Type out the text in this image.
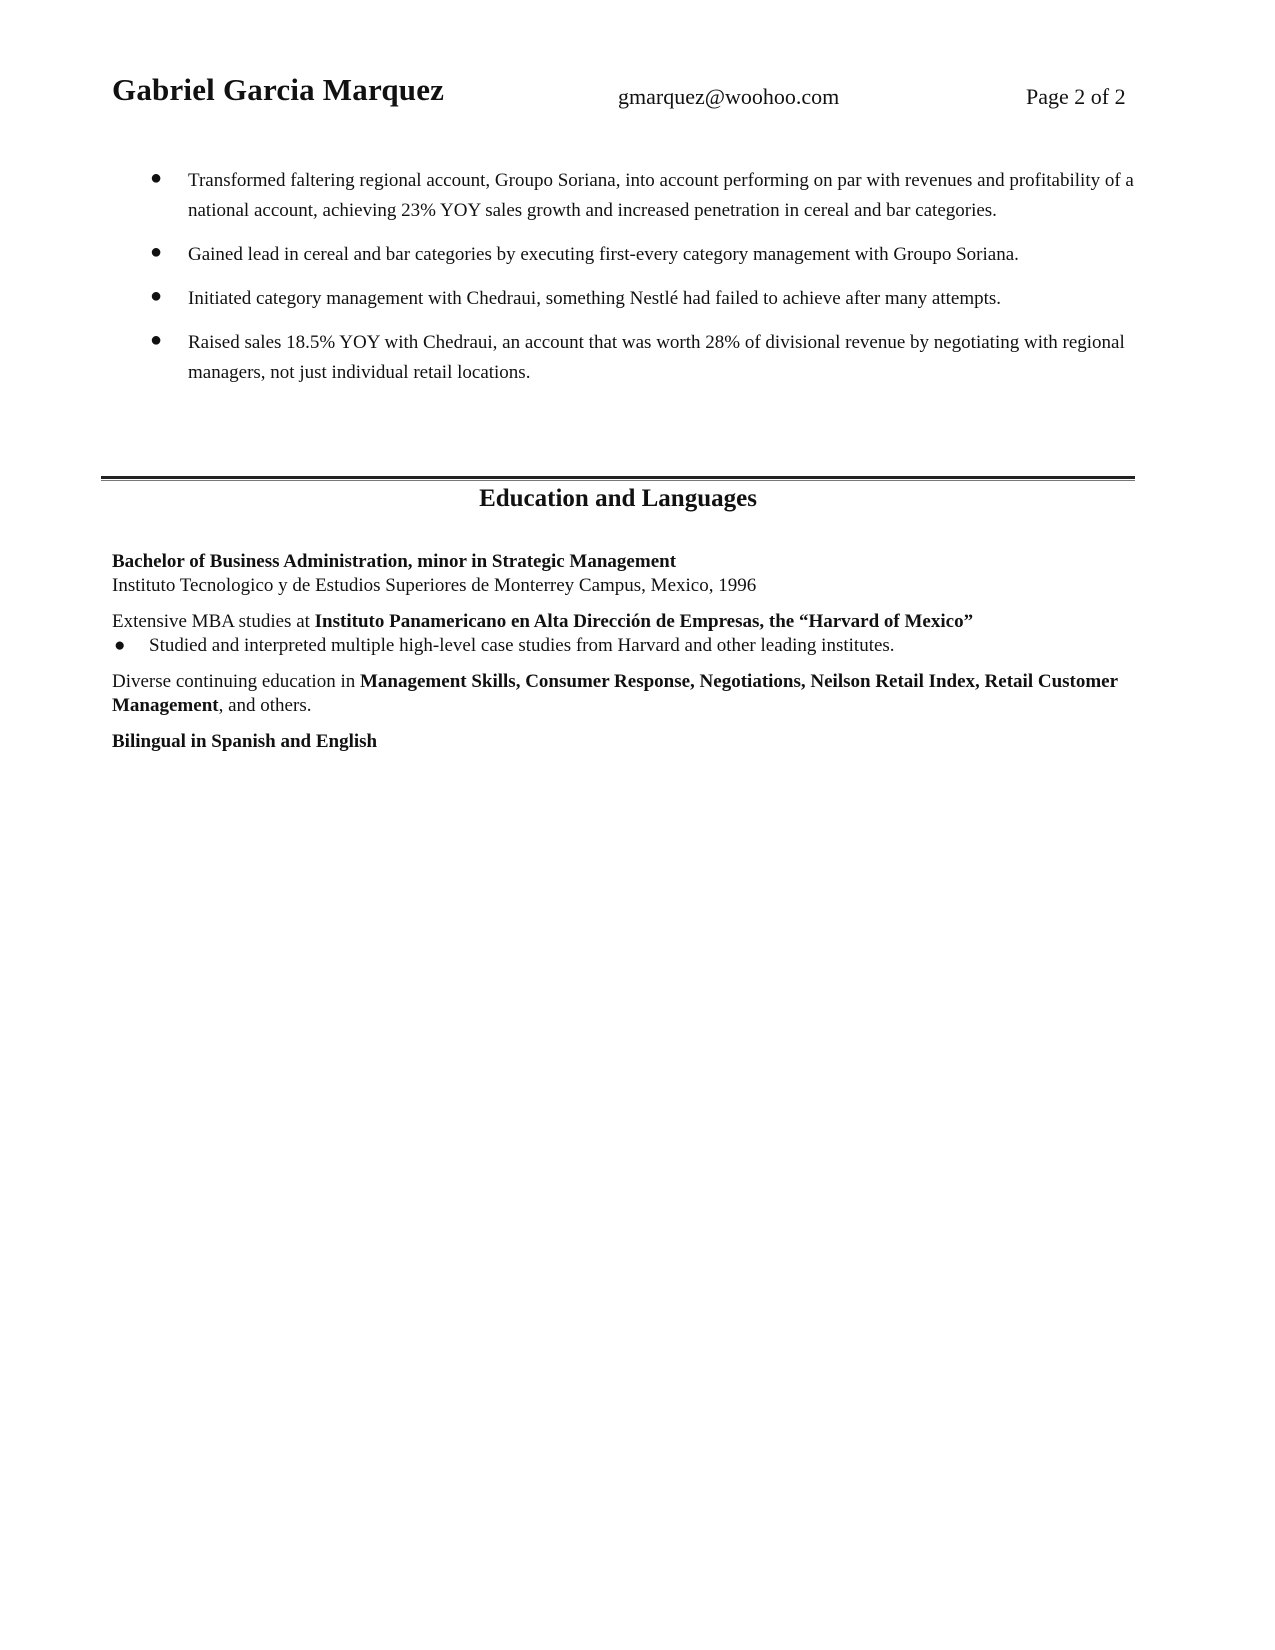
Gabriel Garcia Marquez	gmarquez@woohoo.com	Page 2 of 2
● Transformed faltering regional account, Groupo Soriana, into account performing on par with revenues and profitability of a national account, achieving 23% YOY sales growth and increased penetration in cereal and bar categories.
● Gained lead in cereal and bar categories by executing first-every category management with Groupo Soriana.
● Initiated category management with Chedraui, something Nestlé had failed to achieve after many attempts.
● Raised sales 18.5% YOY with Chedraui, an account that was worth 28% of divisional revenue by negotiating with regional managers, not just individual retail locations.
Education and Languages

Bachelor of Business Administration, minor in Strategic Management

Instituto Tecnologico y de Estudios Superiores de Monterrey Campus, Mexico, 1996

Extensive MBA studies at Instituto Panamericano en Alta Dirección de Empresas, the “Harvard of Mexico”

● Studied and interpreted multiple high-level case studies from Harvard and other leading institutes.

Diverse continuing education in Management Skills, Consumer Response, Negotiations, Neilson Retail Index, Retail Customer Management, and others.

Bilingual in Spanish and English
